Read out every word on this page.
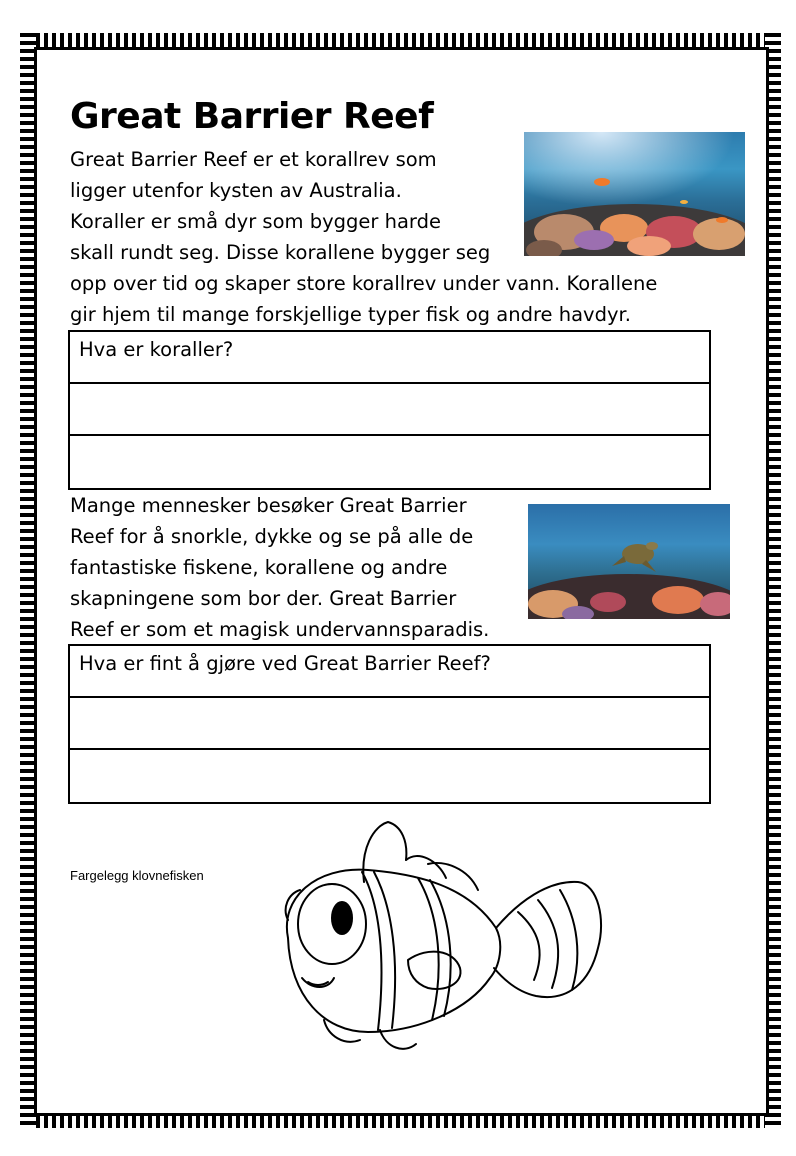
Great Barrier Reef

Great Barrier Reef er et korallrev som
ligger utenfor kysten av Australia.
Koraller er små dyr som bygger harde
skall rundt seg. Disse korallene bygger seg
opp over tid og skaper store korallrev under vann. Korallene
gir hjem til mange forskjellige typer fisk og andre havdyr.

Hva er koraller?

Mange mennesker besøker Great Barrier
Reef for å snorkle, dykke og se på alle de
fantastiske fiskene, korallene og andre
skapningene som bor der. Great Barrier
Reef er som et magisk undervannsparadis.

Hva er fint å gjøre ved Great Barrier Reef?
Fargelegg klovnefisken
